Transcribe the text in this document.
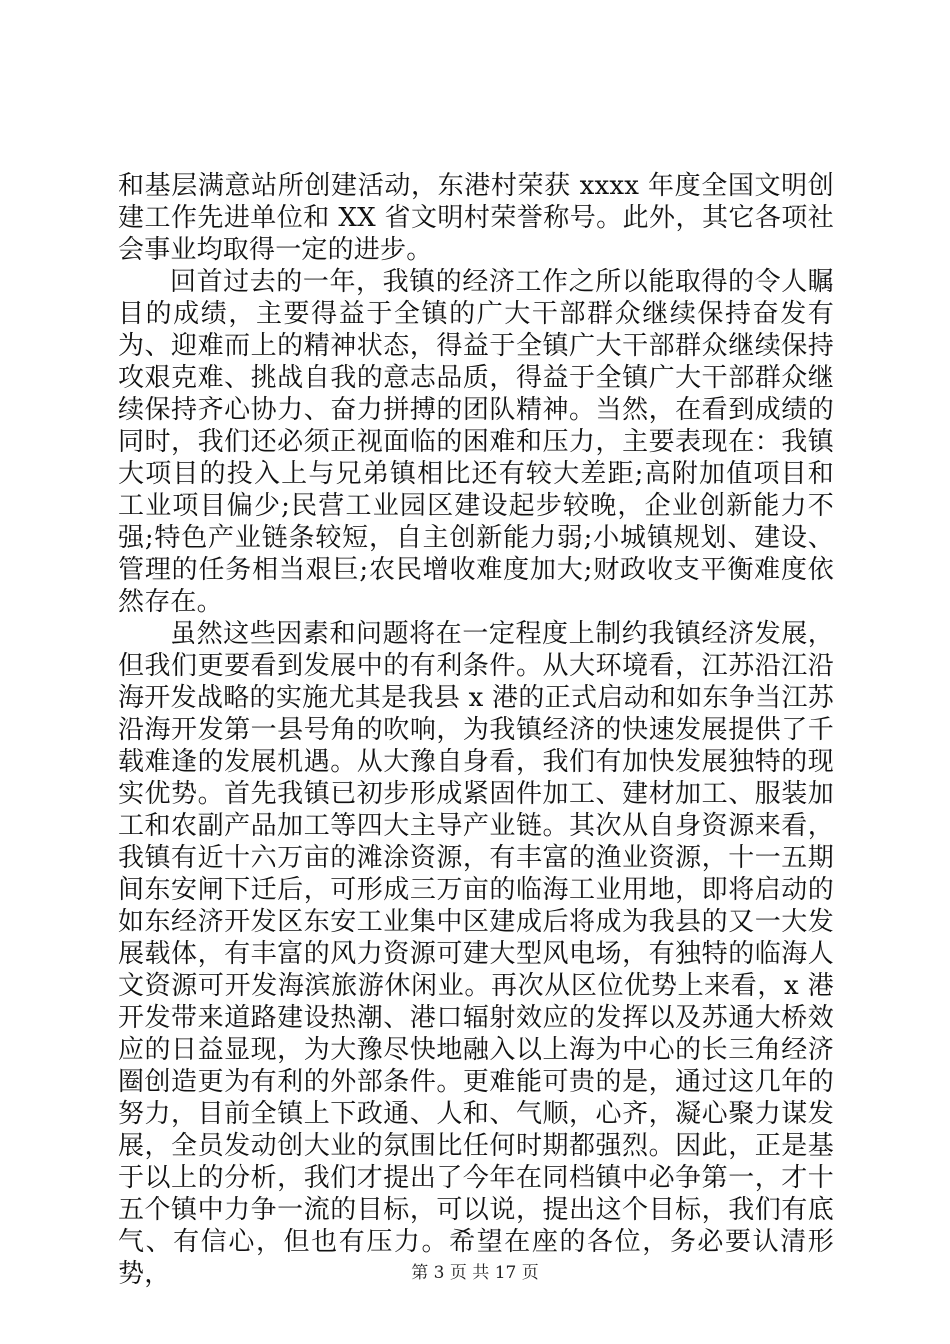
和基层满意站所创建活动，东港村荣获 xxxx 年度全国文明创建工作先进单位和 XX 省文明村荣誉称号。此外，其它各项社会事业均取得一定的进步。

回首过去的一年，我镇的经济工作之所以能取得的令人瞩目的成绩，主要得益于全镇的广大干部群众继续保持奋发有为、迎难而上的精神状态，得益于全镇广大干部群众继续保持攻艰克难、挑战自我的意志品质，得益于全镇广大干部群众继续保持齐心协力、奋力拼搏的团队精神。当然，在看到成绩的同时，我们还必须正视面临的困难和压力，主要表现在：我镇大项目的投入上与兄弟镇相比还有较大差距;高附加值项目和工业项目偏少;民营工业园区建设起步较晚，企业创新能力不强;特色产业链条较短，自主创新能力弱;小城镇规划、建设、管理的任务相当艰巨;农民增收难度加大;财政收支平衡难度依然存在。

虽然这些因素和问题将在一定程度上制约我镇经济发展，但我们更要看到发展中的有利条件。从大环境看，江苏沿江沿海开发战略的实施尤其是我县 x 港的正式启动和如东争当江苏沿海开发第一县号角的吹响，为我镇经济的快速发展提供了千载难逢的发展机遇。从大豫自身看，我们有加快发展独特的现实优势。首先我镇已初步形成紧固件加工、建材加工、服装加工和农副产品加工等四大主导产业链。其次从自身资源来看，我镇有近十六万亩的滩涂资源，有丰富的渔业资源，十一五期间东安闸下迁后，可形成三万亩的临海工业用地，即将启动的如东经济开发区东安工业集中区建成后将成为我县的又一大发展载体，有丰富的风力资源可建大型风电场，有独特的临海人文资源可开发海滨旅游休闲业。再次从区位优势上来看，x 港开发带来道路建设热潮、港口辐射效应的发挥以及苏通大桥效应的日益显现，为大豫尽快地融入以上海为中心的长三角经济圈创造更为有利的外部条件。更难能可贵的是，通过这几年的努力，目前全镇上下政通、人和、气顺，心齐，凝心聚力谋发展，全员发动创大业的氛围比任何时期都强烈。因此，正是基于以上的分析，我们才提出了今年在同档镇中必争第一，才十五个镇中力争一流的目标，可以说，提出这个目标，我们有底气、有信心，但也有压力。希望在座的各位，务必要认清形势，	第 3 页 共 17 页
